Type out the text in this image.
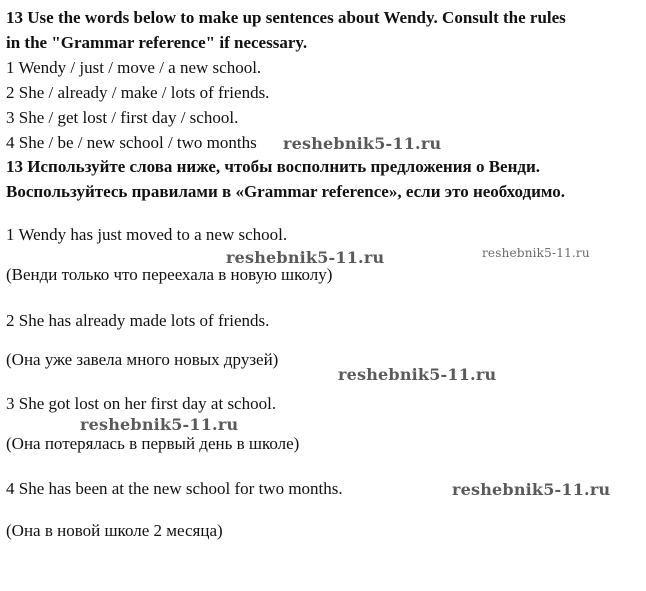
13 Use the words below to make up sentences about Wendy. Consult the rules
in the "Grammar reference" if necessary.
1 Wendy / just / move / a new school.
2 She / already / make / lots of friends.
3 She / get lost / first day / school.
4 She / be / new school / two months
13 Используйте слова ниже, чтобы восполнить предложения о Венди.
Воспользуйтесь правилами в «Grammar reference», если это необходимо.
1 Wendy has just moved to a new school.
(Венди только что переехала в новую школу)
2 She has already made lots of friends.
(Она уже завела много новых друзей)
3 She got lost on her first day at school.
(Она потерялась в первый день в школе)
4 She has been at the new school for two months.
(Она в новой школе 2 месяца)
reshebnik5-11.ru
reshebnik5-11.ru	reshebnik5-11.ru
reshebnik5-11.ru
reshebnik5-11.ru
reshebnik5-11.ru
